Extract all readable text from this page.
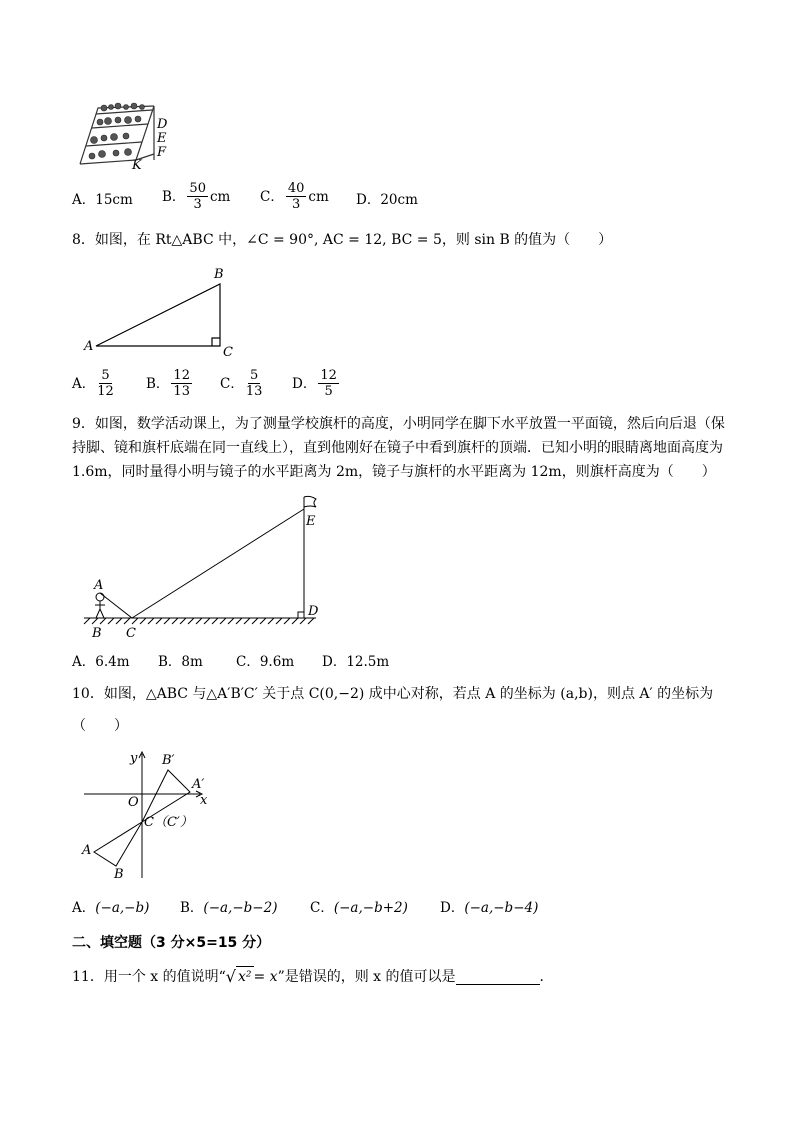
D
E
F
K
A．15cm B． $\frac{50}{3}$ cm C． $\frac{40}{3}$ cm D．20cm
8．如图，在 Rt△ABC 中，∠C = 90°, AC = 12, BC = 5，则 sin B 的值为（　　）
A
B
C
A． $\frac{5}{12}$ B． $\frac{12}{13}$ C． $\frac{5}{13}$ D． $\frac{12}{5}$
9．如图，数学活动课上，为了测量学校旗杆的高度，小明同学在脚下水平放置一平面镜，然后向后退（保
持脚、镜和旗杆底端在同一直线上），直到他刚好在镜子中看到旗杆的顶端．已知小明的眼睛离地面高度为
1.6m，同时量得小明与镜子的水平距离为 2m，镜子与旗杆的水平距离为 12m，则旗杆高度为（　　）
A
B C
D
E
A．6.4m B．8m C．9.6m D．12.5m
10．如图，△ABC 与△A′B′C′ 关于点 C(0,−2) 成中心对称，若点 A 的坐标为 (a,b)，则点 A′ 的坐标为
（　　）
y
x
O
C（C′）
A
B
A′
B′
A．(−a,−b) B．(−a,−b−2) C．(−a,−b+2) D．(−a,−b−4)
二、填空题（3 分×5=15 分）
11．用一个 x 的值说明“ √ x² = x ”是错误的，则 x 的值可以是	．
